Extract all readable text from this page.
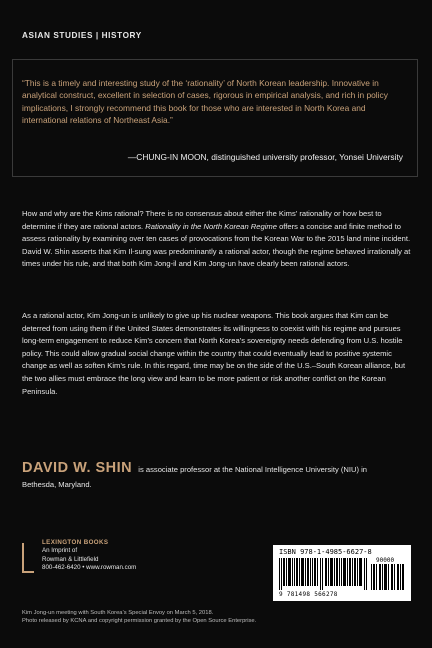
ASIAN STUDIES | HISTORY
“This is a timely and interesting study of the ‘rationality’ of North Korean leadership. Innovative in analytical construct, excellent in selection of cases, rigorous in empirical analysis, and rich in policy implications, I strongly recommend this book for those who are interested in North Korea and international relations of Northeast Asia.”
—CHUNG-IN MOON, distinguished university professor, Yonsei University
How and why are the Kims rational? There is no consensus about either the Kims’ rationality or how best to determine if they are rational actors. Rationality in the North Korean Regime offers a concise and finite method to assess rationality by examining over ten cases of provocations from the Korean War to the 2015 land mine incident. David W. Shin asserts that Kim Il-sung was predominantly a rational actor, though the regime behaved irrationally at times under his rule, and that both Kim Jong-il and Kim Jong-un have clearly been rational actors.
As a rational actor, Kim Jong-un is unlikely to give up his nuclear weapons. This book argues that Kim can be deterred from using them if the United States demonstrates its willingness to coexist with his regime and pursues long-term engagement to reduce Kim’s concern that North Korea’s sovereignty needs defending from U.S. hostile policy. This could allow gradual social change within the country that could eventually lead to positive systemic change as well as soften Kim’s rule. In this regard, time may be on the side of the U.S.–South Korean alliance, but the two allies must embrace the long view and learn to be more patient or risk another conflict on the Korean Peninsula.
DAVID W. SHIN is associate professor at the National Intelligence University (NIU) in
Bethesda, Maryland.
LEXINGTON BOOKS
An Imprint of
Rowman & Littlefield
800-462-6420 • www.rowman.com
ISBN 978-1-4985-6627-8
90000
9 781498 566278
Kim Jong-un meeting with South Korea’s Special Envoy on March 5, 2018.
Photo released by KCNA and copyright permission granted by the Open Source Enterprise.
